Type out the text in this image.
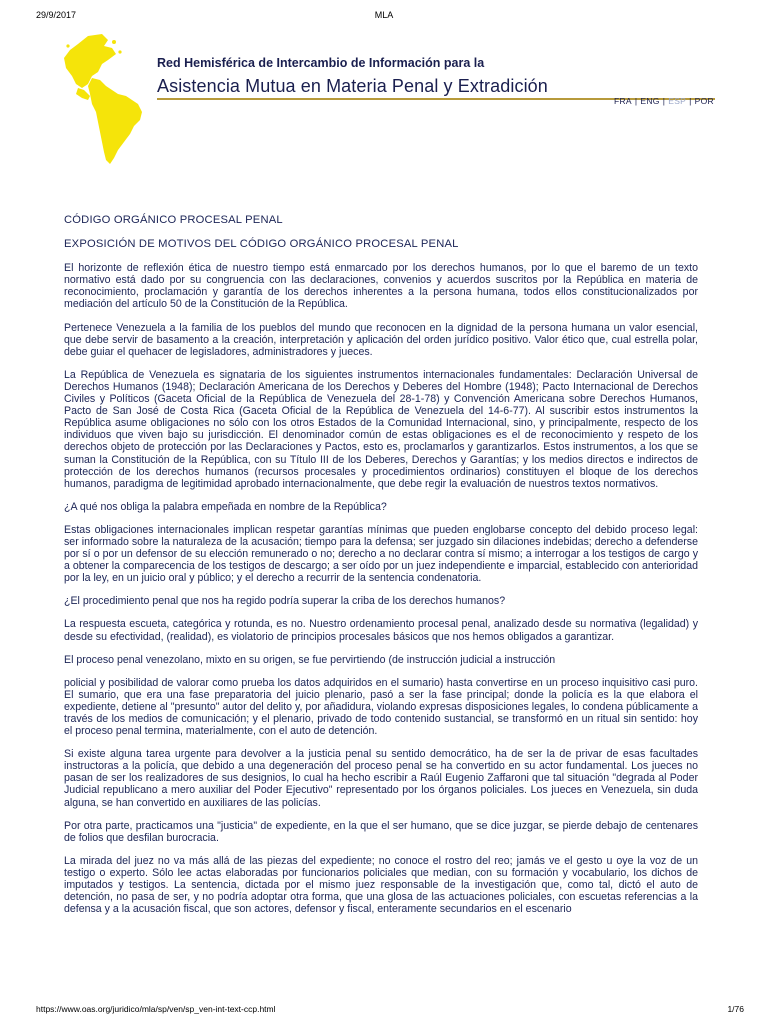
29/9/2017	MLA
Red Hemisférica de Intercambio de Información para la
Asistencia Mutua en Materia Penal y Extradición
FRA | ENG | ESP | POR
CÓDIGO ORGÁNICO PROCESAL PENAL
EXPOSICIÓN DE MOTIVOS DEL CÓDIGO ORGÁNICO PROCESAL PENAL

El horizonte de reflexión ética de nuestro tiempo está enmarcado por los derechos humanos, por lo que el baremo de un texto normativo está dado por su congruencia con las declaraciones, convenios y acuerdos suscritos por la República en materia de reconocimiento, proclamación y garantía de los derechos inherentes a la persona humana, todos ellos constitucionalizados por mediación del artículo 50 de la Constitución de la República.

Pertenece Venezuela a la familia de los pueblos del mundo que reconocen en la dignidad de la persona humana un valor esencial, que debe servir de basamento a la creación, interpretación y aplicación del orden jurídico positivo. Valor ético que, cual estrella polar, debe guiar el quehacer de legisladores, administradores y jueces.

La República de Venezuela es signataria de los siguientes instrumentos internacionales fundamentales: Declaración Universal de Derechos Humanos (1948); Declaración Americana de los Derechos y Deberes del Hombre (1948); Pacto Internacional de Derechos Civiles y Políticos (Gaceta Oficial de la República de Venezuela del 28-1-78) y Convención Americana sobre Derechos Humanos, Pacto de San José de Costa Rica (Gaceta Oficial de la República de Venezuela del 14-6-77). Al suscribir estos instrumentos la República asume obligaciones no sólo con los otros Estados de la Comunidad Internacional, sino, y principalmente, respecto de los individuos que viven bajo su jurisdicción. El denominador común de estas obligaciones es el de reconocimiento y respeto de los derechos objeto de protección por las Declaraciones y Pactos, esto es, proclamarlos y garantizarlos. Estos instrumentos, a los que se suman la Constitución de la República, con su Título III de los Deberes, Derechos y Garantías; y los medios directos e indirectos de protección de los derechos humanos (recursos procesales y procedimientos ordinarios) constituyen el bloque de los derechos humanos, paradigma de legitimidad aprobado internacionalmente, que debe regir la evaluación de nuestros textos normativos.

¿A qué nos obliga la palabra empeñada en nombre de la República?

Estas obligaciones internacionales implican respetar garantías mínimas que pueden englobarse concepto del debido proceso legal: ser informado sobre la naturaleza de la acusación; tiempo para la defensa; ser juzgado sin dilaciones indebidas; derecho a defenderse por sí o por un defensor de su elección remunerado o no; derecho a no declarar contra sí mismo; a interrogar a los testigos de cargo y a obtener la comparecencia de los testigos de descargo; a ser oído por un juez independiente e imparcial, establecido con anterioridad por la ley, en un juicio oral y público; y el derecho a recurrir de la sentencia condenatoria.

¿El procedimiento penal que nos ha regido podría superar la criba de los derechos humanos?

La respuesta escueta, categórica y rotunda, es no. Nuestro ordenamiento procesal penal, analizado desde su normativa (legalidad) y desde su efectividad, (realidad), es violatorio de principios procesales básicos que nos hemos obligados a garantizar.

El proceso penal venezolano, mixto en su origen, se fue pervirtiendo (de instrucción judicial a instrucción

policial y posibilidad de valorar como prueba los datos adquiridos en el sumario) hasta convertirse en un proceso inquisitivo casi puro. El sumario, que era una fase preparatoria del juicio plenario, pasó a ser la fase principal; donde la policía es la que elabora el expediente, detiene al "presunto" autor del delito y, por añadidura, violando expresas disposiciones legales, lo condena públicamente a través de los medios de comunicación; y el plenario, privado de todo contenido sustancial, se transformó en un ritual sin sentido: hoy el proceso penal termina, materialmente, con el auto de detención.

Si existe alguna tarea urgente para devolver a la justicia penal su sentido democrático, ha de ser la de privar de esas facultades instructoras a la policía, que debido a una degeneración del proceso penal se ha convertido en su actor fundamental. Los jueces no pasan de ser los realizadores de sus designios, lo cual ha hecho escribir a Raúl Eugenio Zaffaroni que tal situación "degrada al Poder Judicial republicano a mero auxiliar del Poder Ejecutivo" representado por los órganos policiales. Los jueces en Venezuela, sin duda alguna, se han convertido en auxiliares de las policías.

Por otra parte, practicamos una "justicia" de expediente, en la que el ser humano, que se dice juzgar, se pierde debajo de centenares de folios que desfilan burocracia.

La mirada del juez no va más allá de las piezas del expediente; no conoce el rostro del reo; jamás ve el gesto u oye la voz de un testigo o experto. Sólo lee actas elaboradas por funcionarios policiales que median, con su formación y vocabulario, los dichos de imputados y testigos. La sentencia, dictada por el mismo juez responsable de la investigación que, como tal, dictó el auto de detención, no pasa de ser, y no podría adoptar otra forma, que una glosa de las actuaciones policiales, con escuetas referencias a la defensa y a la acusación fiscal, que son actores, defensor y fiscal, enteramente secundarios en el escenario

https://www.oas.org/juridico/mla/sp/ven/sp_ven-int-text-ccp.html	1/76
